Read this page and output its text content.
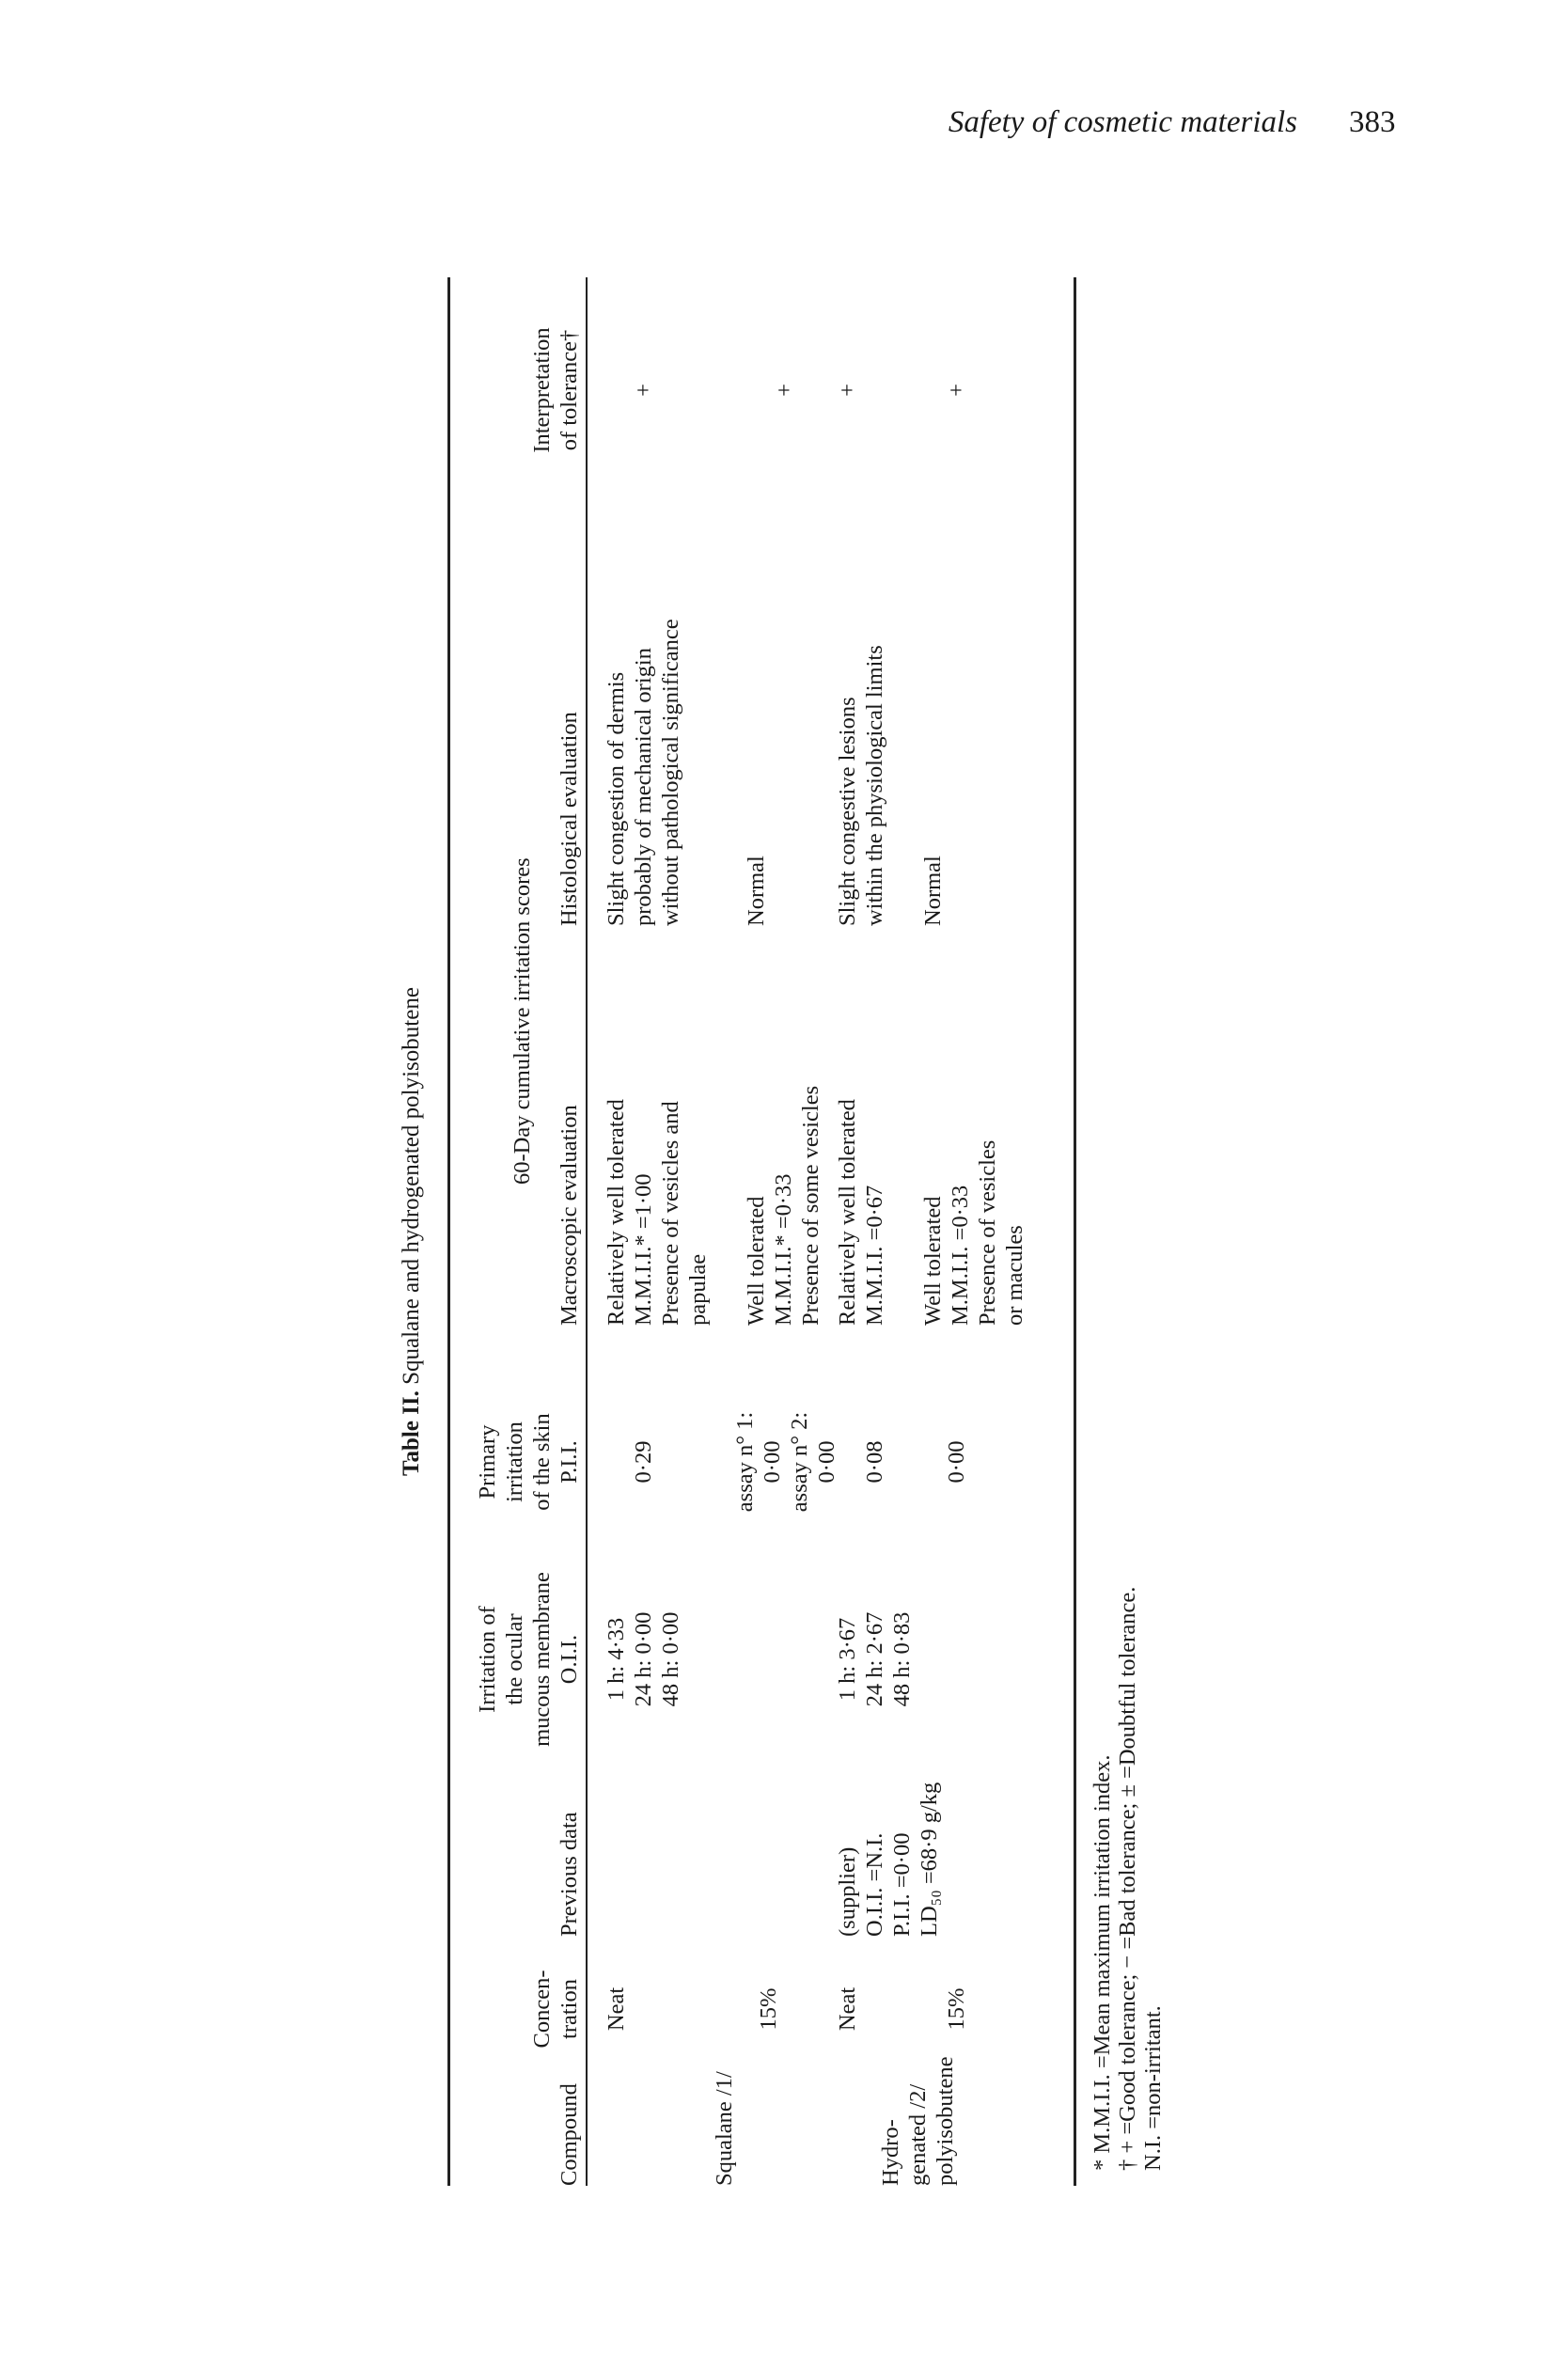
Safety of cosmetic materials 383
Table II. Squalane and hydrogenated polyisobutene
Compound
Concen- tration
Previous data
Irritation of the ocular mucous membrane O.I.I.
Primary irritation of the skin P.I.I.
60-Day cumulative irritation scores
Macroscopic evaluation
Histological evaluation
Interpretation of tolerance†
Squalane /1/	Hydro- genated /2/ polyisobutene
Neat
1 h: 4·33 24 h: 0·00 48 h: 0·00
0·29
Relatively well tolerated M.M.I.I.* =1·00 Presence of vesicles and papulae
Slight congestion of dermis probably of mechanical origin without pathological significance
+
15%
assay n° 1: 0·00 assay n° 2: 0·00
Well tolerated M.M.I.I.* =0·33 Presence of some vesicles
Normal
+
Neat
(supplier) O.I.I. =N.I. P.I.I. =0·00 LD₅₀ =68·9 g/kg
1 h: 3·67 24 h: 2·67 48 h: 0·83
0·08
Relatively well tolerated M.M.I.I. =0·67
Slight congestive lesions within the physiological limits
+
15%
0·00
Well tolerated M.M.I.I. =0·33 Presence of vesicles or macules
Normal
+
* M.M.I.I. =Mean maximum irritation index. † + =Good tolerance; − =Bad tolerance; ± =Doubtful tolerance. N.I. =non-irritant.
